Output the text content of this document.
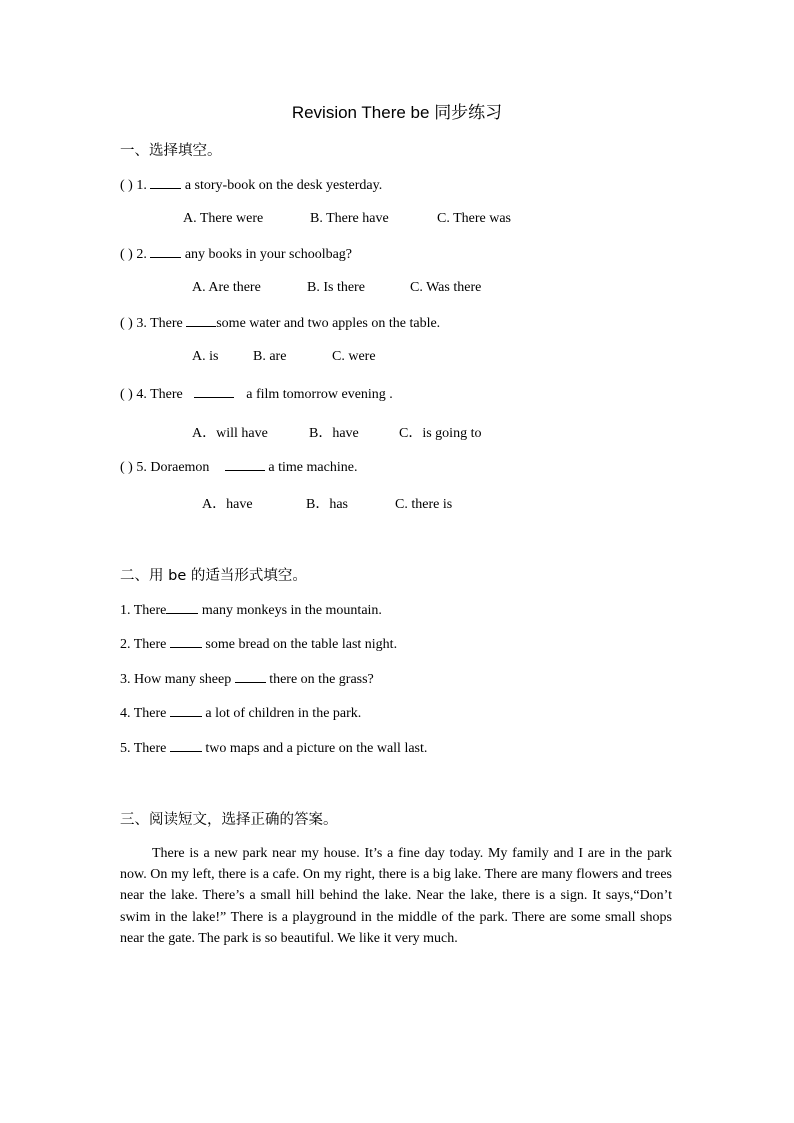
Revision There be 同步练习
一、选择填空。
( ) 1.	a story-book on the desk yesterday.
A. There were	B. There have	C. There was
( ) 2.	any books in your schoolbag?
A. Are there	B. Is there	C. Was there
( ) 3. There some water and two apples on the table.
A. is B. are	C. were
( ) 4. There	a film tomorrow evening .
A．will have	B．have	C．is going to
( ) 5. Doraemon	a time machine.
A．have	B．has	C. there is
二、用 be 的适当形式填空。
1. There	many monkeys in the mountain.
2. There	some bread on the table last night.
3. How many sheep	there on the grass?
4. There	a lot of children in the park.
5. There	two maps and a picture on the wall last.
三、阅读短文，选择正确的答案。
There is a new park near my house. It’s a fine day today. My family and I are in the park now. On my left, there is a cafe. On my right, there is a big lake. There are many flowers and trees near the lake. There’s a small hill behind the lake. Near the lake, there is a sign. It says,“Don’t swim in the lake!” There is a playground in the middle of the park. There are some small shops near the gate. The park is so beautiful. We like it very much.
